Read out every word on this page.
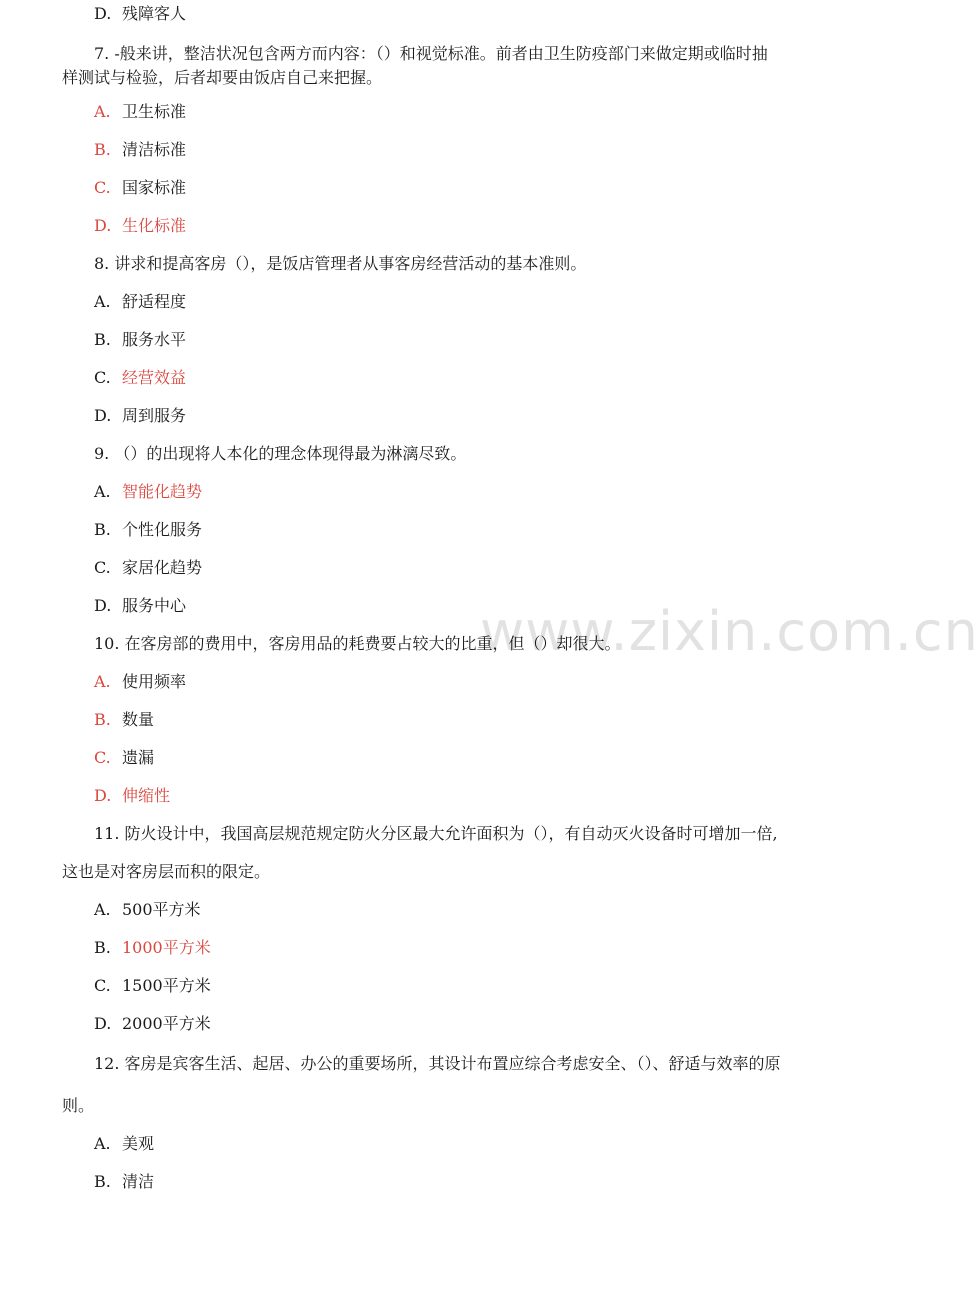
www.zixin.com.cn
D. 残障客人
7. -般来讲，整洁状况包含两方而内容：（）和视觉标准。前者由卫生防疫部门来做定期或临时抽
样测试与检验，后者却要由饭店自己来把握。
A. 卫生标准
B. 清洁标准
C. 国家标准
D. 生化标准
8. 讲求和提高客房（），是饭店管理者从事客房经营活动的基本准则。
A. 舒适程度
B. 服务水平
C. 经营效益
D. 周到服务
9. （）的出现将人本化的理念体现得最为淋漓尽致。
A. 智能化趋势
B. 个性化服务
C. 家居化趋势
D. 服务中心
10. 在客房部的费用中，客房用品的耗费要占较大的比重，但（）却很大。
A. 使用频率
B. 数量
C. 遗漏
D. 伸缩性
11. 防火设计中，我国高层规范规定防火分区最大允许面积为（），有自动灭火设备时可增加一倍,
这也是对客房层而积的限定。
A. 500平方米
B. 1000平方米
C. 1500平方米
D. 2000平方米
12. 客房是宾客生活、起居、办公的重要场所，其设计布置应综合考虑安全、（）、舒适与效率的原
则。
A. 美观
B. 清洁
